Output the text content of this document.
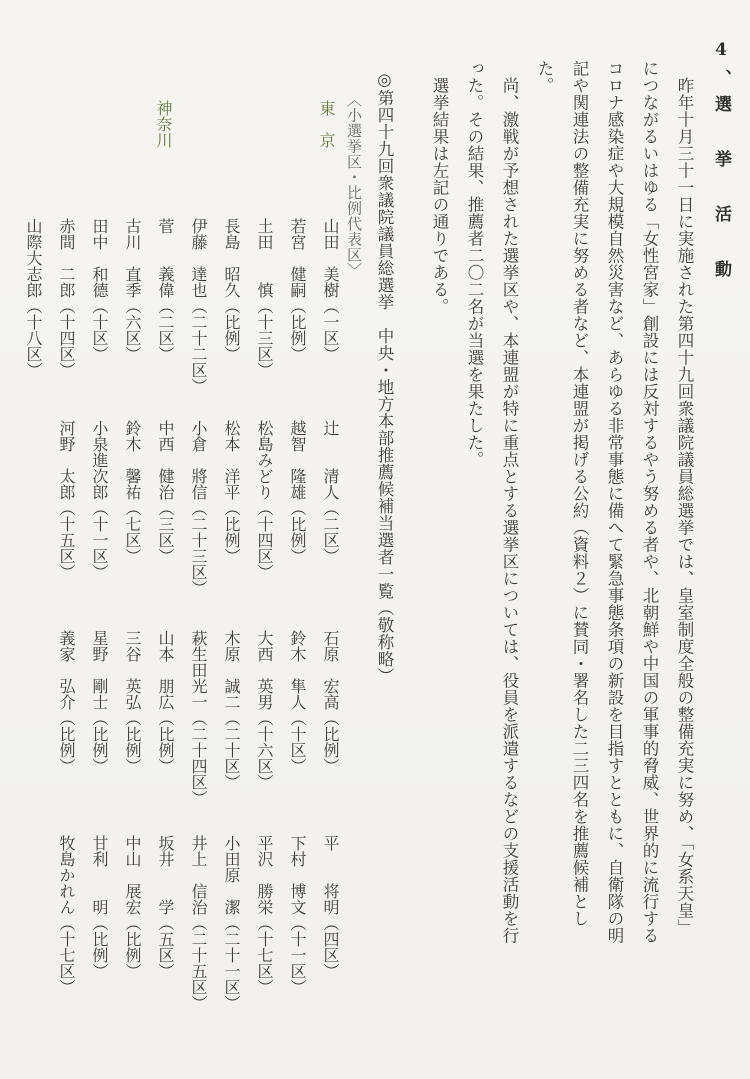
4、選 挙 活 動
　昨年十月三十一日に実施された第四十九回衆議院議員総選挙では、皇室制度全般の整備充実に努め、「女系天皇」
につながるいはゆる「女性宮家」創設には反対するやう努める者や、北朝鮮や中国の軍事的脅威、世界的に流行する
コロナ感染症や大規模自然災害など、あらゆる非常事態に備へて緊急事態条項の新設を目指すとともに、自衛隊の明
記や関連法の整備充実に努める者など、本連盟が掲げる公約（資料２）に賛同・署名した二三四名を推薦候補とし
た。
　尚、激戦が予想された選挙区や、本連盟が特に重点とする選挙区については、役員を派遣するなどの支援活動を行
った。その結果、推薦者二〇二名が当選を果たした。
　選挙結果は左記の通りである。
◎第四十九回衆議院議員総選挙　中央・地方本部推薦候補当選者一覧（敬称略）
〈小選挙区・比例代表区〉
東　京
神奈川
山田　美樹（一区）
辻　　清人（二区）
石原　宏高（比例）
平　　将明（四区）
若宮　健嗣（比例）
越智　隆雄（比例）
鈴木　隼人（十区）
下村　博文（十一区）
土田　　慎（十三区）
松島みどり（十四区）
大西　英男（十六区）
平沢　勝栄（十七区）
長島　昭久（比例）
松本　洋平（比例）
木原　誠二（二十区）
小田原　潔（二十一区）
伊藤　達也（二十二区）
小倉　將信（二十三区）
萩生田光一（二十四区）
井上　信治（二十五区）
菅　　義偉（二区）
中西　健治（三区）
山本　朋広（比例）
坂井　　学（五区）
古川　直季（六区）
鈴木　馨祐（七区）
三谷　英弘（比例）
中山　展宏（比例）
田中　和德（十区）
小泉進次郎（十一区）
星野　剛士（比例）
甘利　　明（比例）
赤間　二郎（十四区）
河野　太郎（十五区）
義家　弘介（比例）
牧島かれん（十七区）
山際大志郎（十八区）
